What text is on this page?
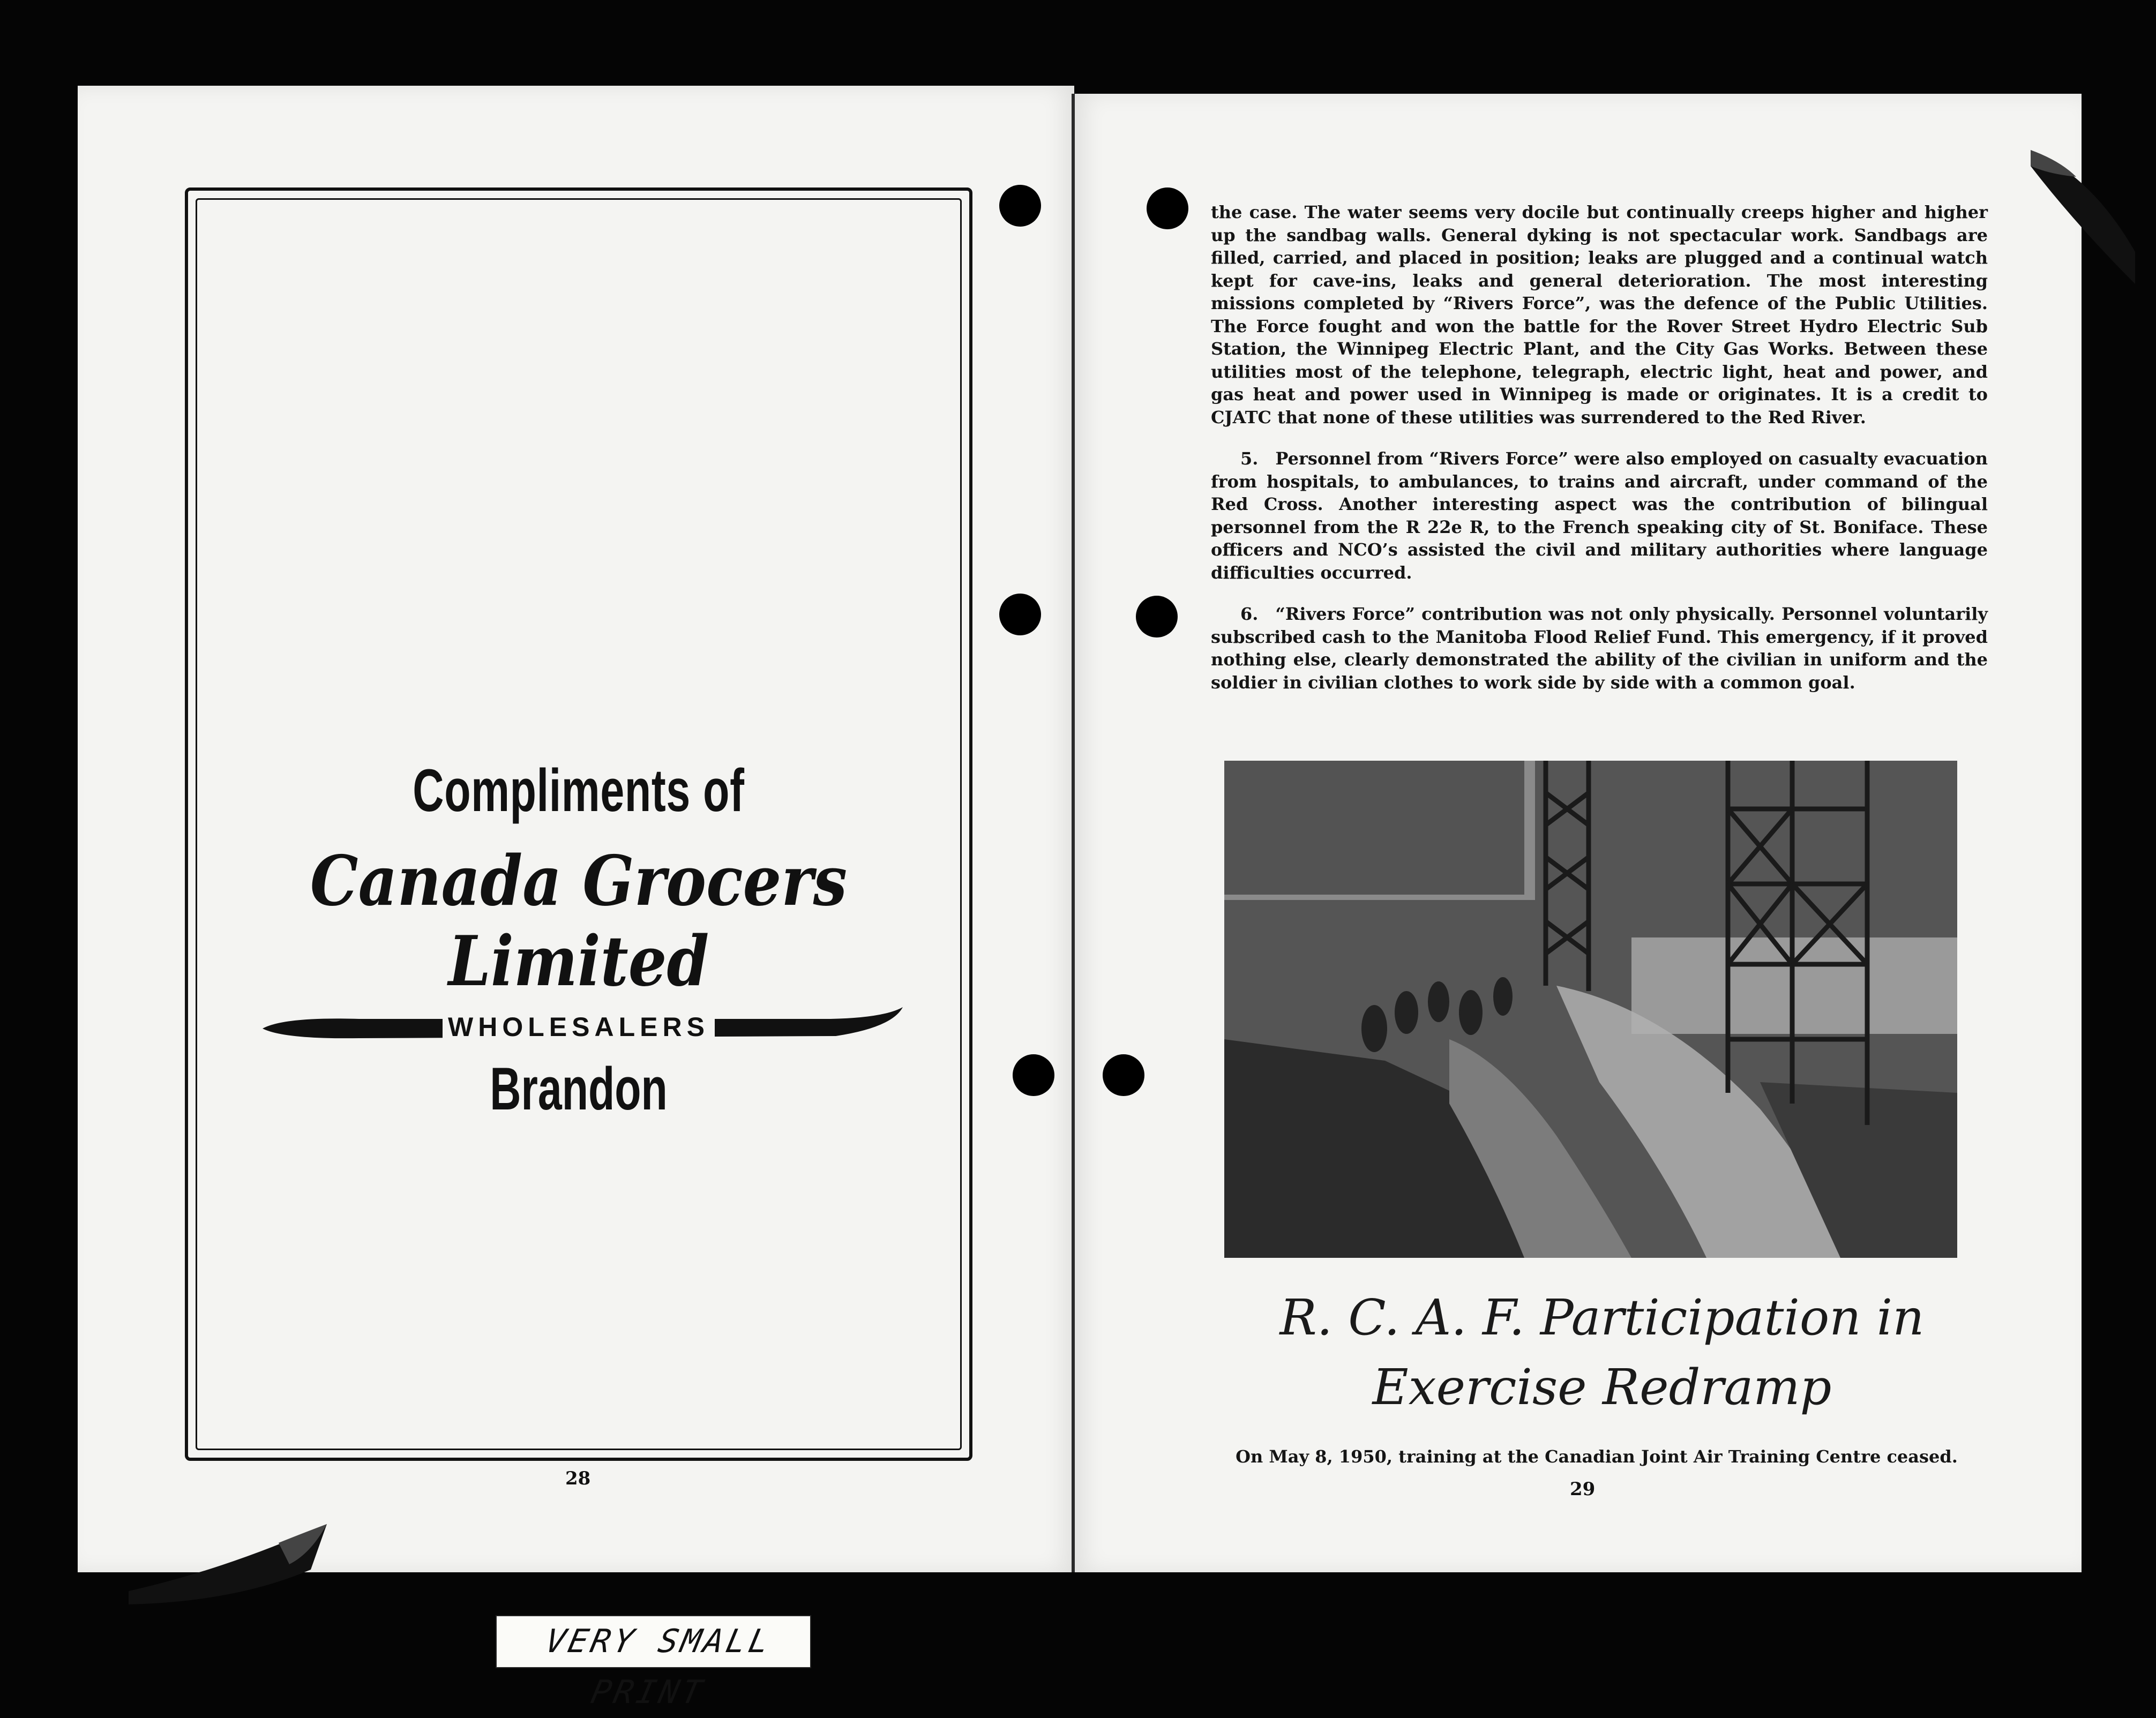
Compliments of
Canada Grocers Limited
WHOLESALERS
Brandon
28

the case. The water seems very docile but continually creeps higher and higher up the sandbag walls. General dyking is not spectacular work. Sandbags are filled, carried, and placed in position; leaks are plugged and a continual watch kept for cave-ins, leaks and general deterioration. The most interesting missions completed by “Rivers Force”, was the defence of the Public Utilities. The Force fought and won the battle for the Rover Street Hydro Electric Sub Station, the Winnipeg Electric Plant, and the City Gas Works. Between these utilities most of the telephone, telegraph, electric light, heat and power, and gas heat and power used in Winnipeg is made or originates. It is a credit to CJATC that none of these utilities was surrendered to the Red River.

5. Personnel from “Rivers Force” were also employed on casualty evacuation from hospitals, to ambulances, to trains and aircraft, under command of the Red Cross. Another interesting aspect was the contribution of bilingual personnel from the R 22e R, to the French speaking city of St. Boniface. These officers and NCO’s assisted the civil and military authorities where language difficulties occurred.

6. “Rivers Force” contribution was not only physically. Personnel voluntarily subscribed cash to the Manitoba Flood Relief Fund. This emergency, if it proved nothing else, clearly demonstrated the ability of the civilian in uniform and the soldier in civilian clothes to work side by side with a common goal.

R. C. A. F. Participation in
Exercise Redramp
On May 8, 1950, training at the Canadian Joint Air Training Centre ceased.
29
VERY SMALL PRINT
